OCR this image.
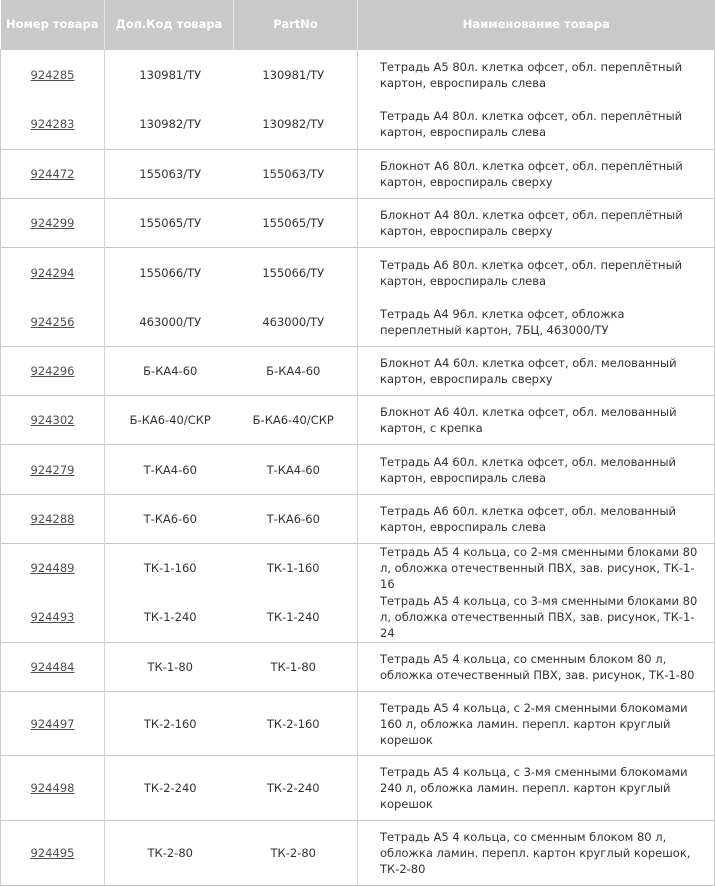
Номер товара	Доп.Код товара	PartNo	Наименование товара
924285	130981/ТУ	130981/ТУ	Тетрадь А5 80л. клетка офсет, обл. переплётный картон, евроспираль слева

924283	130982/ТУ	130982/ТУ	Тетрадь А4 80л. клетка офсет, обл. переплётный картон, евроспираль слева

924472	155063/ТУ	155063/ТУ	Блокнот А6 80л. клетка офсет, обл. переплётный картон, евроспираль сверху

924299	155065/ТУ	155065/ТУ	Блокнот А4 80л. клетка офсет, обл. переплётный картон, евроспираль сверху

924294	155066/ТУ	155066/ТУ	Тетрадь А6 80л. клетка офсет, обл. переплётный картон, евроспираль слева

924256	463000/ТУ	463000/ТУ	Тетрадь А4 96л. клетка офсет, обложка переплетный картон, 7БЦ, 463000/ТУ

924296	Б-КА4-60	Б-КА4-60	Блокнот А4 60л. клетка офсет, обл. мелованный картон, евроспираль сверху

924302	Б-КА6-40/СКР	Б-КА6-40/СКР	Блокнот А6 40л. клетка офсет, обл. мелованный картон, с крепка

924279	Т-КА4-60	Т-КА4-60	Тетрадь А4 60л. клетка офсет, обл. мелованный картон, евроспираль слева

924288	Т-КА6-60	Т-КА6-60	Тетрадь А6 60л. клетка офсет, обл. мелованный картон, евроспираль слева

924489	ТК-1-160	ТК-1-160	Тетрадь А5 4 кольца, со 2-мя сменными блоками 80 л, обложка отечественный ПВХ, зав. рисунок, ТК-1-16

924493	ТК-1-240	ТК-1-240	Тетрадь А5 4 кольца, со 3-мя сменными блоками 80 л, обложка отечественный ПВХ, зав. рисунок, ТК-1-24

924484	ТК-1-80	ТК-1-80	Тетрадь А5 4 кольца, со сменным блоком 80 л, обложка отечественный ПВХ, зав. рисунок, ТК-1-80

924497	ТК-2-160	ТК-2-160	Тетрадь А5 4 кольца, с 2-мя сменными блокомами 160 л, обложка ламин. перепл. картон круглый корешок

924498	ТК-2-240	ТК-2-240	Тетрадь А5 4 кольца, с 3-мя сменными блокомами 240 л, обложка ламин. перепл. картон круглый корешок

924495	ТК-2-80	ТК-2-80	Тетрадь А5 4 кольца, со сменным блоком 80 л, обложка ламин. перепл. картон круглый корешок, ТК-2-80
